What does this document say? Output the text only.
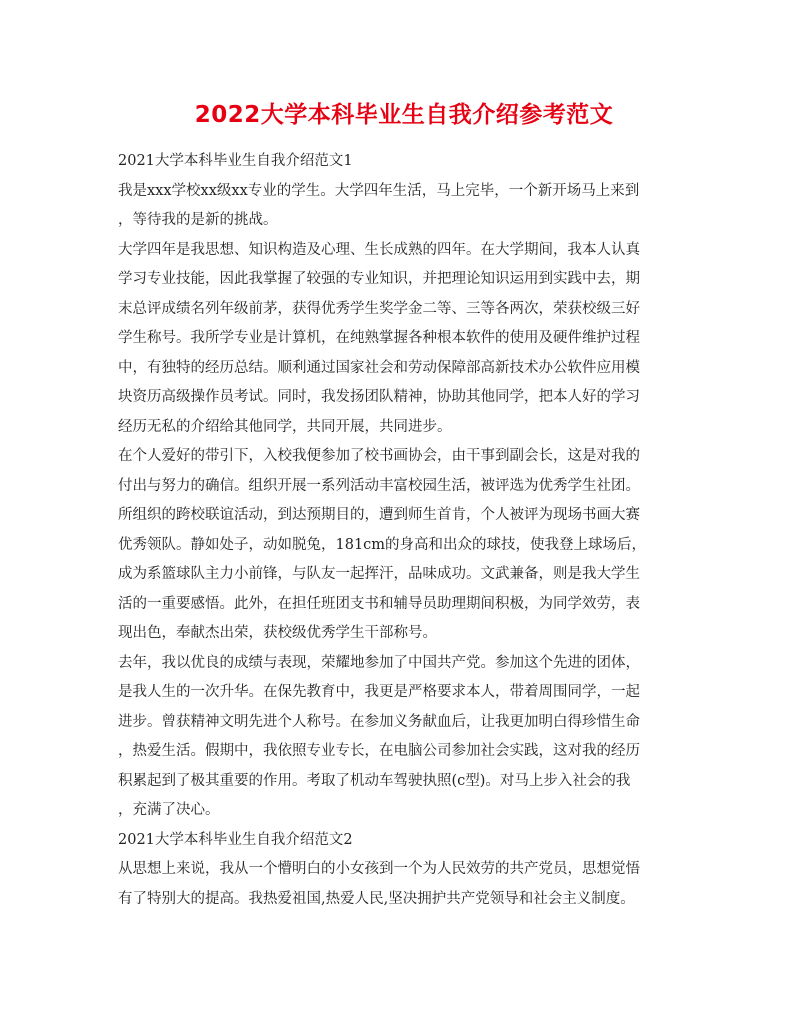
2022大学本科毕业生自我介绍参考范文
2021大学本科毕业生自我介绍范文1
我是xxx学校xx级xx专业的学生。大学四年生活，马上完毕，一个新开场马上来到
，等待我的是新的挑战。
大学四年是我思想、知识构造及心理、生长成熟的四年。在大学期间，我本人认真
学习专业技能，因此我掌握了较强的专业知识，并把理论知识运用到实践中去，期
末总评成绩名列年级前茅，获得优秀学生奖学金二等、三等各两次，荣获校级三好
学生称号。我所学专业是计算机，在纯熟掌握各种根本软件的使用及硬件维护过程
中，有独特的经历总结。顺利通过国家社会和劳动保障部高新技术办公软件应用模
块资历高级操作员考试。同时，我发扬团队精神，协助其他同学，把本人好的学习
经历无私的介绍给其他同学，共同开展，共同进步。
在个人爱好的带引下，入校我便参加了校书画协会，由干事到副会长，这是对我的
付出与努力的确信。组织开展一系列活动丰富校园生活，被评选为优秀学生社团。
所组织的跨校联谊活动，到达预期目的，遭到师生首肯，个人被评为现场书画大赛
优秀领队。静如处子，动如脱兔，181cm的身高和出众的球技，使我登上球场后，
成为系篮球队主力小前锋，与队友一起挥汗，品味成功。文武兼备，则是我大学生
活的一重要感悟。此外，在担任班团支书和辅导员助理期间积极，为同学效劳，表
现出色，奉献杰出荣，获校级优秀学生干部称号。
去年，我以优良的成绩与表现，荣耀地参加了中国共产党。参加这个先进的团体，
是我人生的一次升华。在保先教育中，我更是严格要求本人，带着周围同学，一起
进步。曾获精神文明先进个人称号。在参加义务献血后，让我更加明白得珍惜生命
，热爱生活。假期中，我依照专业专长，在电脑公司参加社会实践，这对我的经历
积累起到了极其重要的作用。考取了机动车驾驶执照(c型)。对马上步入社会的我
，充满了决心。
2021大学本科毕业生自我介绍范文2
从思想上来说，我从一个懵明白的小女孩到一个为人民效劳的共产党员，思想觉悟
有了特别大的提高。我热爱祖国,热爱人民,坚决拥护共产党领导和社会主义制度。
